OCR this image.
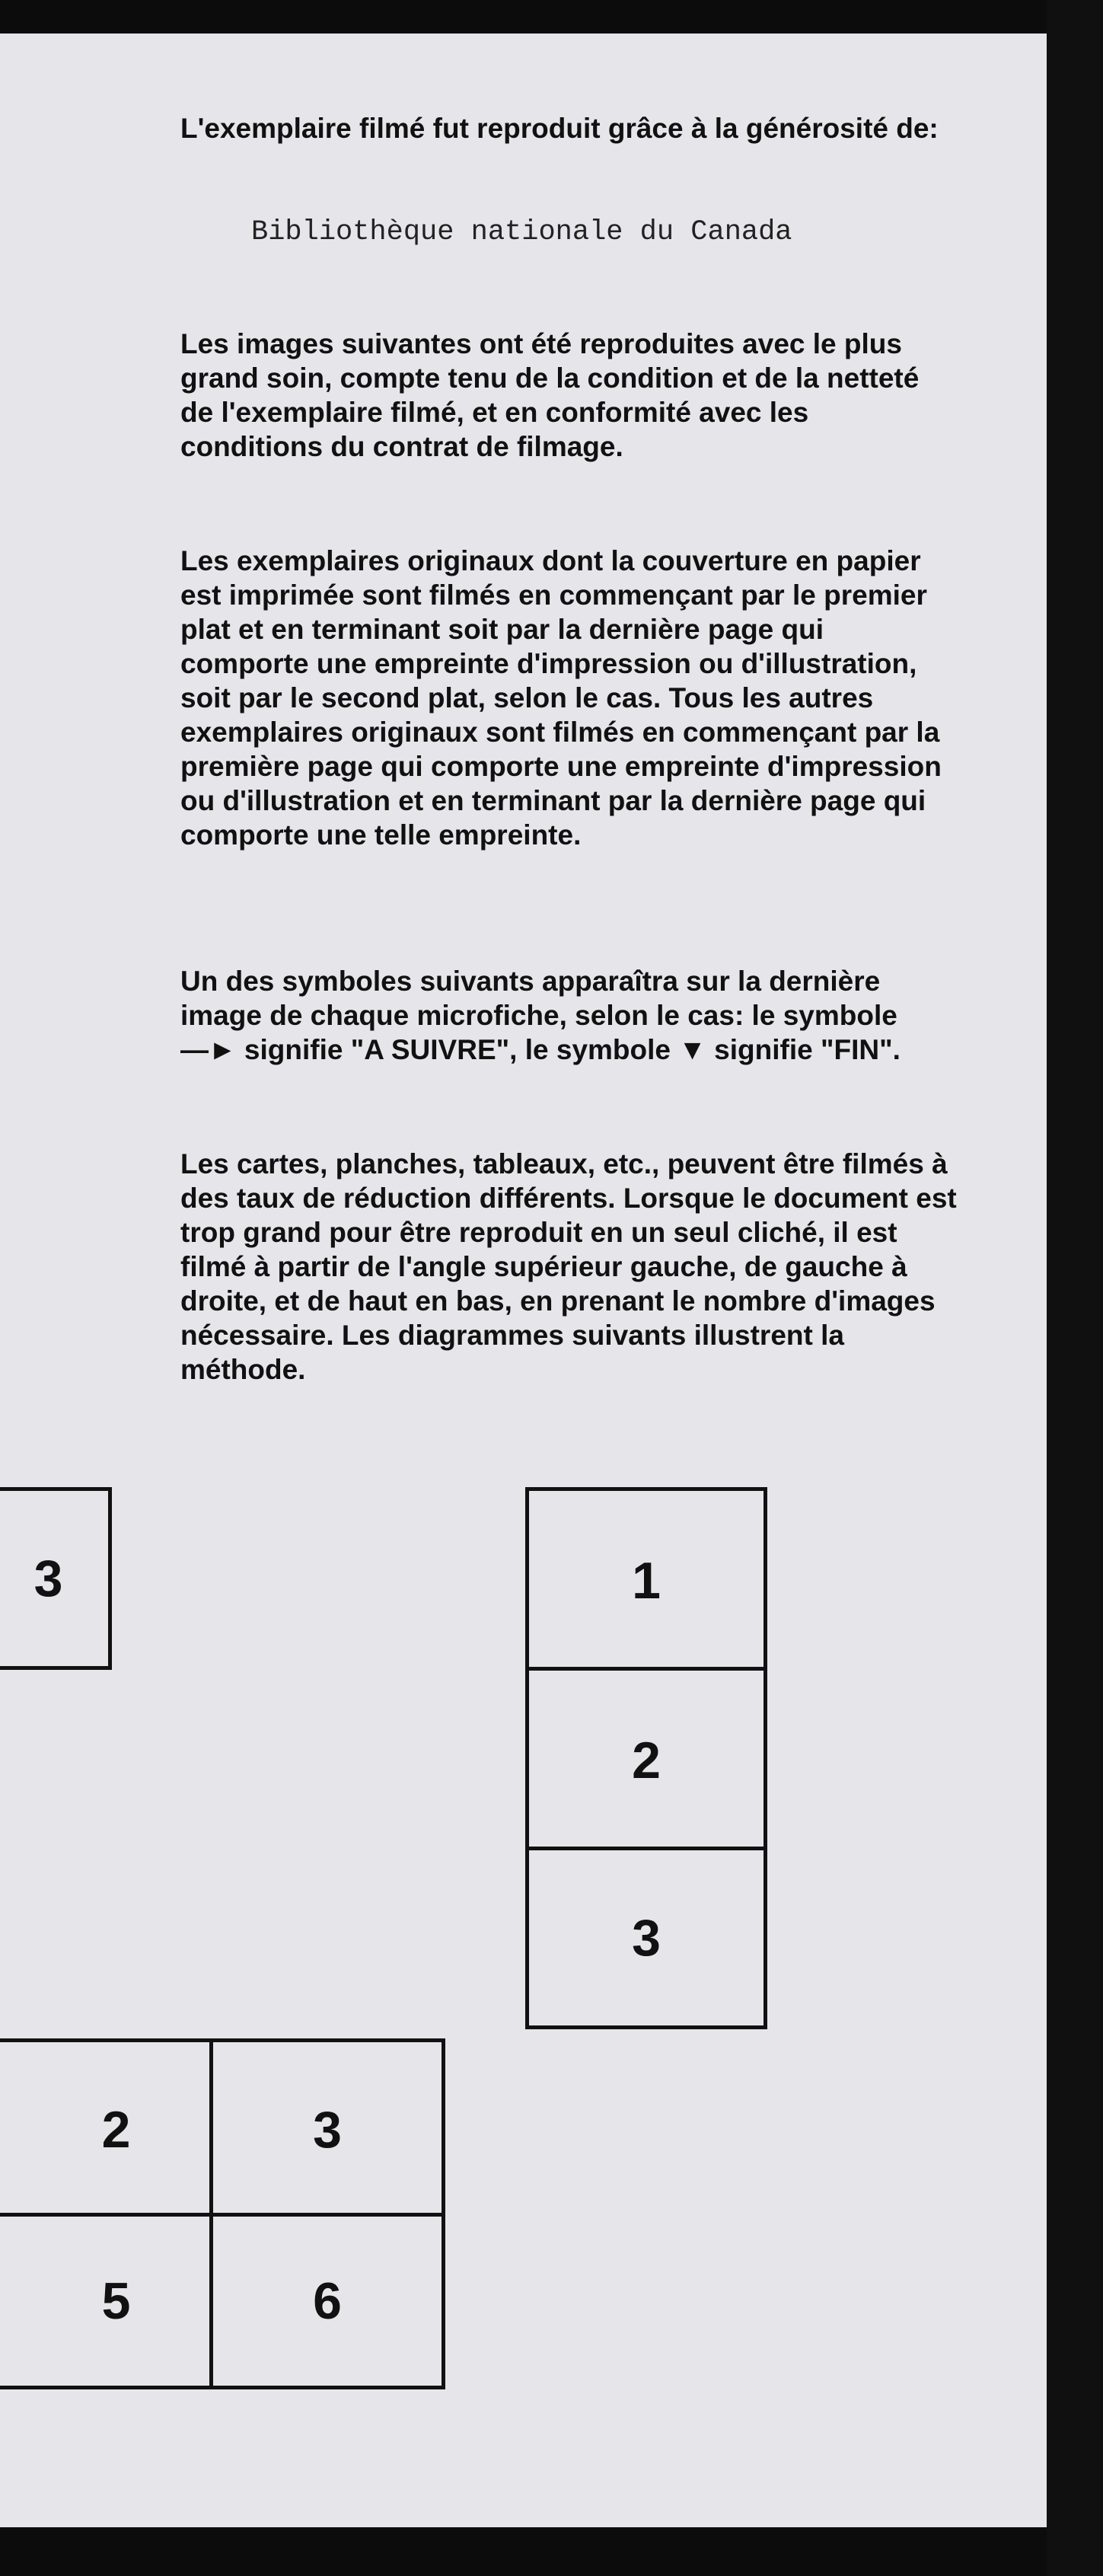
L'exemplaire filmé fut reproduit grâce à la générosité de:
Bibliothèque nationale du Canada
Les images suivantes ont été reproduites avec le plus grand soin, compte tenu de la condition et de la netteté de l'exemplaire filmé, et en conformité avec les conditions du contrat de filmage.
Les exemplaires originaux dont la couverture en papier est imprimée sont filmés en commençant par le premier plat et en terminant soit par la dernière page qui comporte une empreinte d'impression ou d'illustration, soit par le second plat, selon le cas. Tous les autres exemplaires originaux sont filmés en commençant par la première page qui comporte une empreinte d'impression ou d'illustration et en terminant par la dernière page qui comporte une telle empreinte.
Un des symboles suivants apparaîtra sur la dernière image de chaque microfiche, selon le cas: le symbole —► signifie "A SUIVRE", le symbole ▼ signifie "FIN".
Les cartes, planches, tableaux, etc., peuvent être filmés à des taux de réduction différents. Lorsque le document est trop grand pour être reproduit en un seul cliché, il est filmé à partir de l'angle supérieur gauche, de gauche à droite, et de haut en bas, en prenant le nombre d'images nécessaire. Les diagrammes suivants illustrent la méthode.
3	1
2
3
2	3
5	6
